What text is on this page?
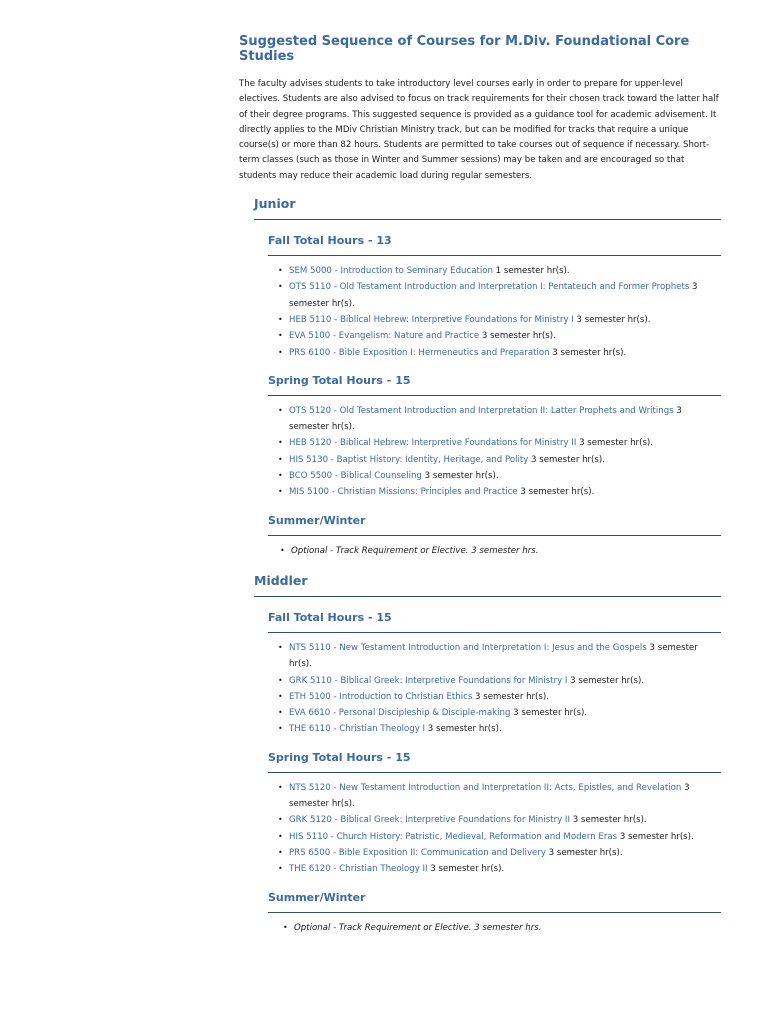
Suggested Sequence of Courses for M.Div. Foundational Core Studies

The faculty advises students to take introductory level courses early in order to prepare for upper-level electives. Students are also advised to focus on track requirements for their chosen track toward the latter half of their degree programs. This suggested sequence is provided as a guidance tool for academic advisement. It directly applies to the MDiv Christian Ministry track, but can be modified for tracks that require a unique course(s) or more than 82 hours. Students are permitted to take courses out of sequence if necessary. Short-term classes (such as those in Winter and Summer sessions) may be taken and are encouraged so that students may reduce their academic load during regular semesters.

Junior
Fall Total Hours - 13
• SEM 5000 - Introduction to Seminary Education 1 semester hr(s).
• OTS 5110 - Old Testament Introduction and Interpretation I: Pentateuch and Former Prophets 3 semester hr(s).
• HEB 5110 - Biblical Hebrew: Interpretive Foundations for Ministry I 3 semester hr(s).
• EVA 5100 - Evangelism: Nature and Practice 3 semester hr(s).
• PRS 6100 - Bible Exposition I: Hermeneutics and Preparation 3 semester hr(s).
Spring Total Hours - 15
• OTS 5120 - Old Testament Introduction and Interpretation II: Latter Prophets and Writings 3 semester hr(s).
• HEB 5120 - Biblical Hebrew: Interpretive Foundations for Ministry II 3 semester hr(s).
• HIS 5130 - Baptist History: Identity, Heritage, and Polity 3 semester hr(s).
• BCO 5500 - Biblical Counseling 3 semester hr(s).
• MIS 5100 - Christian Missions: Principles and Practice 3 semester hr(s).
Summer/Winter
• Optional - Track Requirement or Elective. 3 semester hrs.
Middler
Fall Total Hours - 15
• NTS 5110 - New Testament Introduction and Interpretation I: Jesus and the Gospels 3 semester hr(s).
• GRK 5110 - Biblical Greek: Interpretive Foundations for Ministry I 3 semester hr(s).
• ETH 5100 - Introduction to Christian Ethics 3 semester hr(s).
• EVA 6610 - Personal Discipleship & Disciple-making 3 semester hr(s).
• THE 6110 - Christian Theology I 3 semester hr(s).
Spring Total Hours - 15
• NTS 5120 - New Testament Introduction and Interpretation II: Acts, Epistles, and Revelation 3 semester hr(s).
• GRK 5120 - Biblical Greek: Interpretive Foundations for Ministry II 3 semester hr(s).
• HIS 5110 - Church History: Patristic, Medieval, Reformation and Modern Eras 3 semester hr(s).
• PRS 6500 - Bible Exposition II: Communication and Delivery 3 semester hr(s).
• THE 6120 - Christian Theology II 3 semester hr(s).
Summer/Winter
• Optional - Track Requirement or Elective. 3 semester hrs.
